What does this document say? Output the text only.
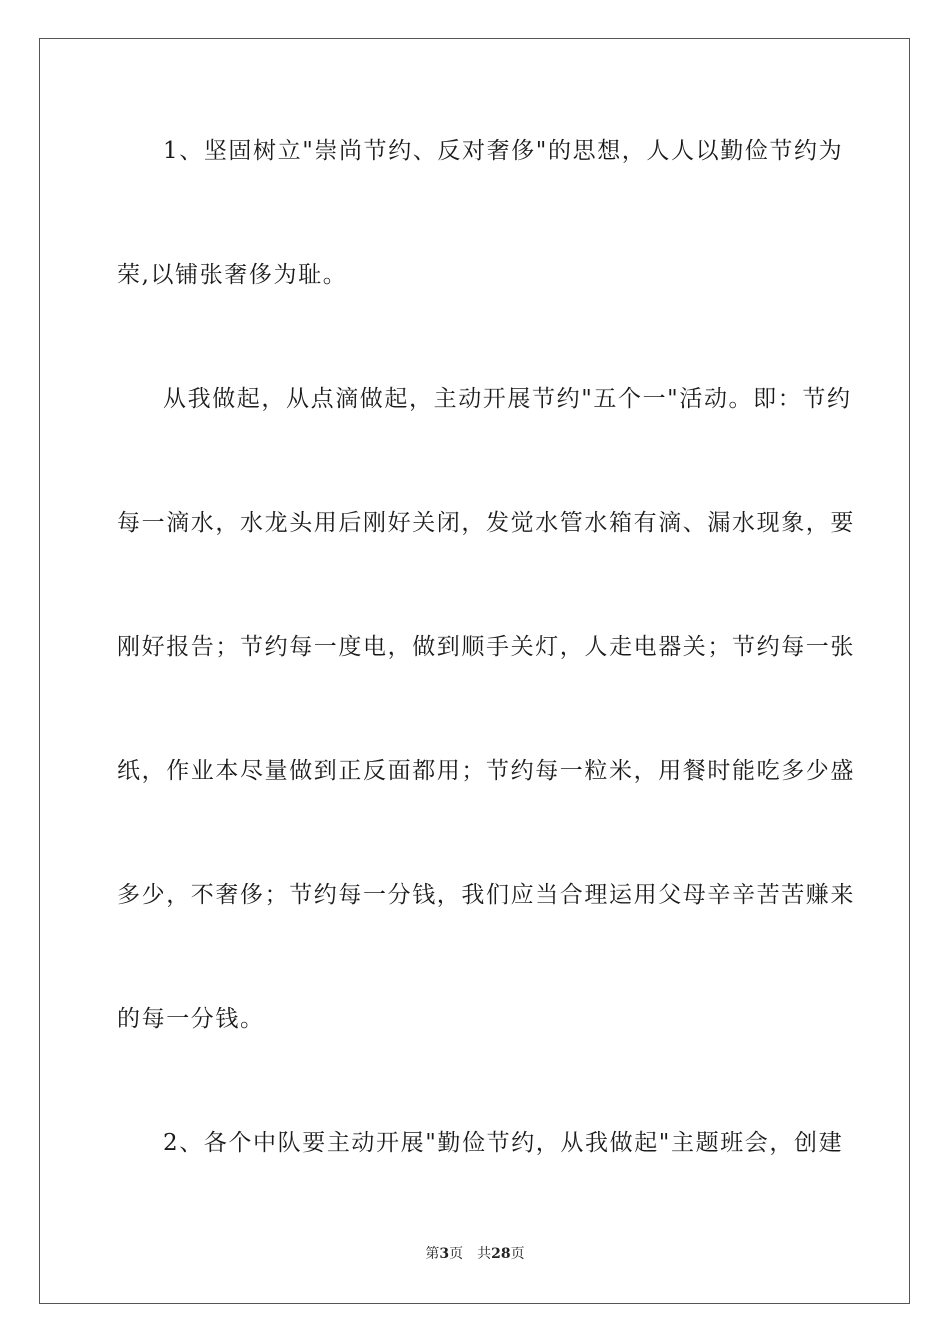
1、坚固树立"崇尚节约、反对奢侈"的思想，人人以勤俭节约为
荣,以铺张奢侈为耻。
从我做起，从点滴做起，主动开展节约"五个一"活动。即：节约
每一滴水，水龙头用后刚好关闭，发觉水管水箱有滴、漏水现象，要
刚好报告；节约每一度电，做到顺手关灯，人走电器关；节约每一张
纸，作业本尽量做到正反面都用；节约每一粒米，用餐时能吃多少盛
多少，不奢侈；节约每一分钱，我们应当合理运用父母辛辛苦苦赚来
的每一分钱。
2、各个中队要主动开展"勤俭节约，从我做起"主题班会，创建
第3页 共28页
